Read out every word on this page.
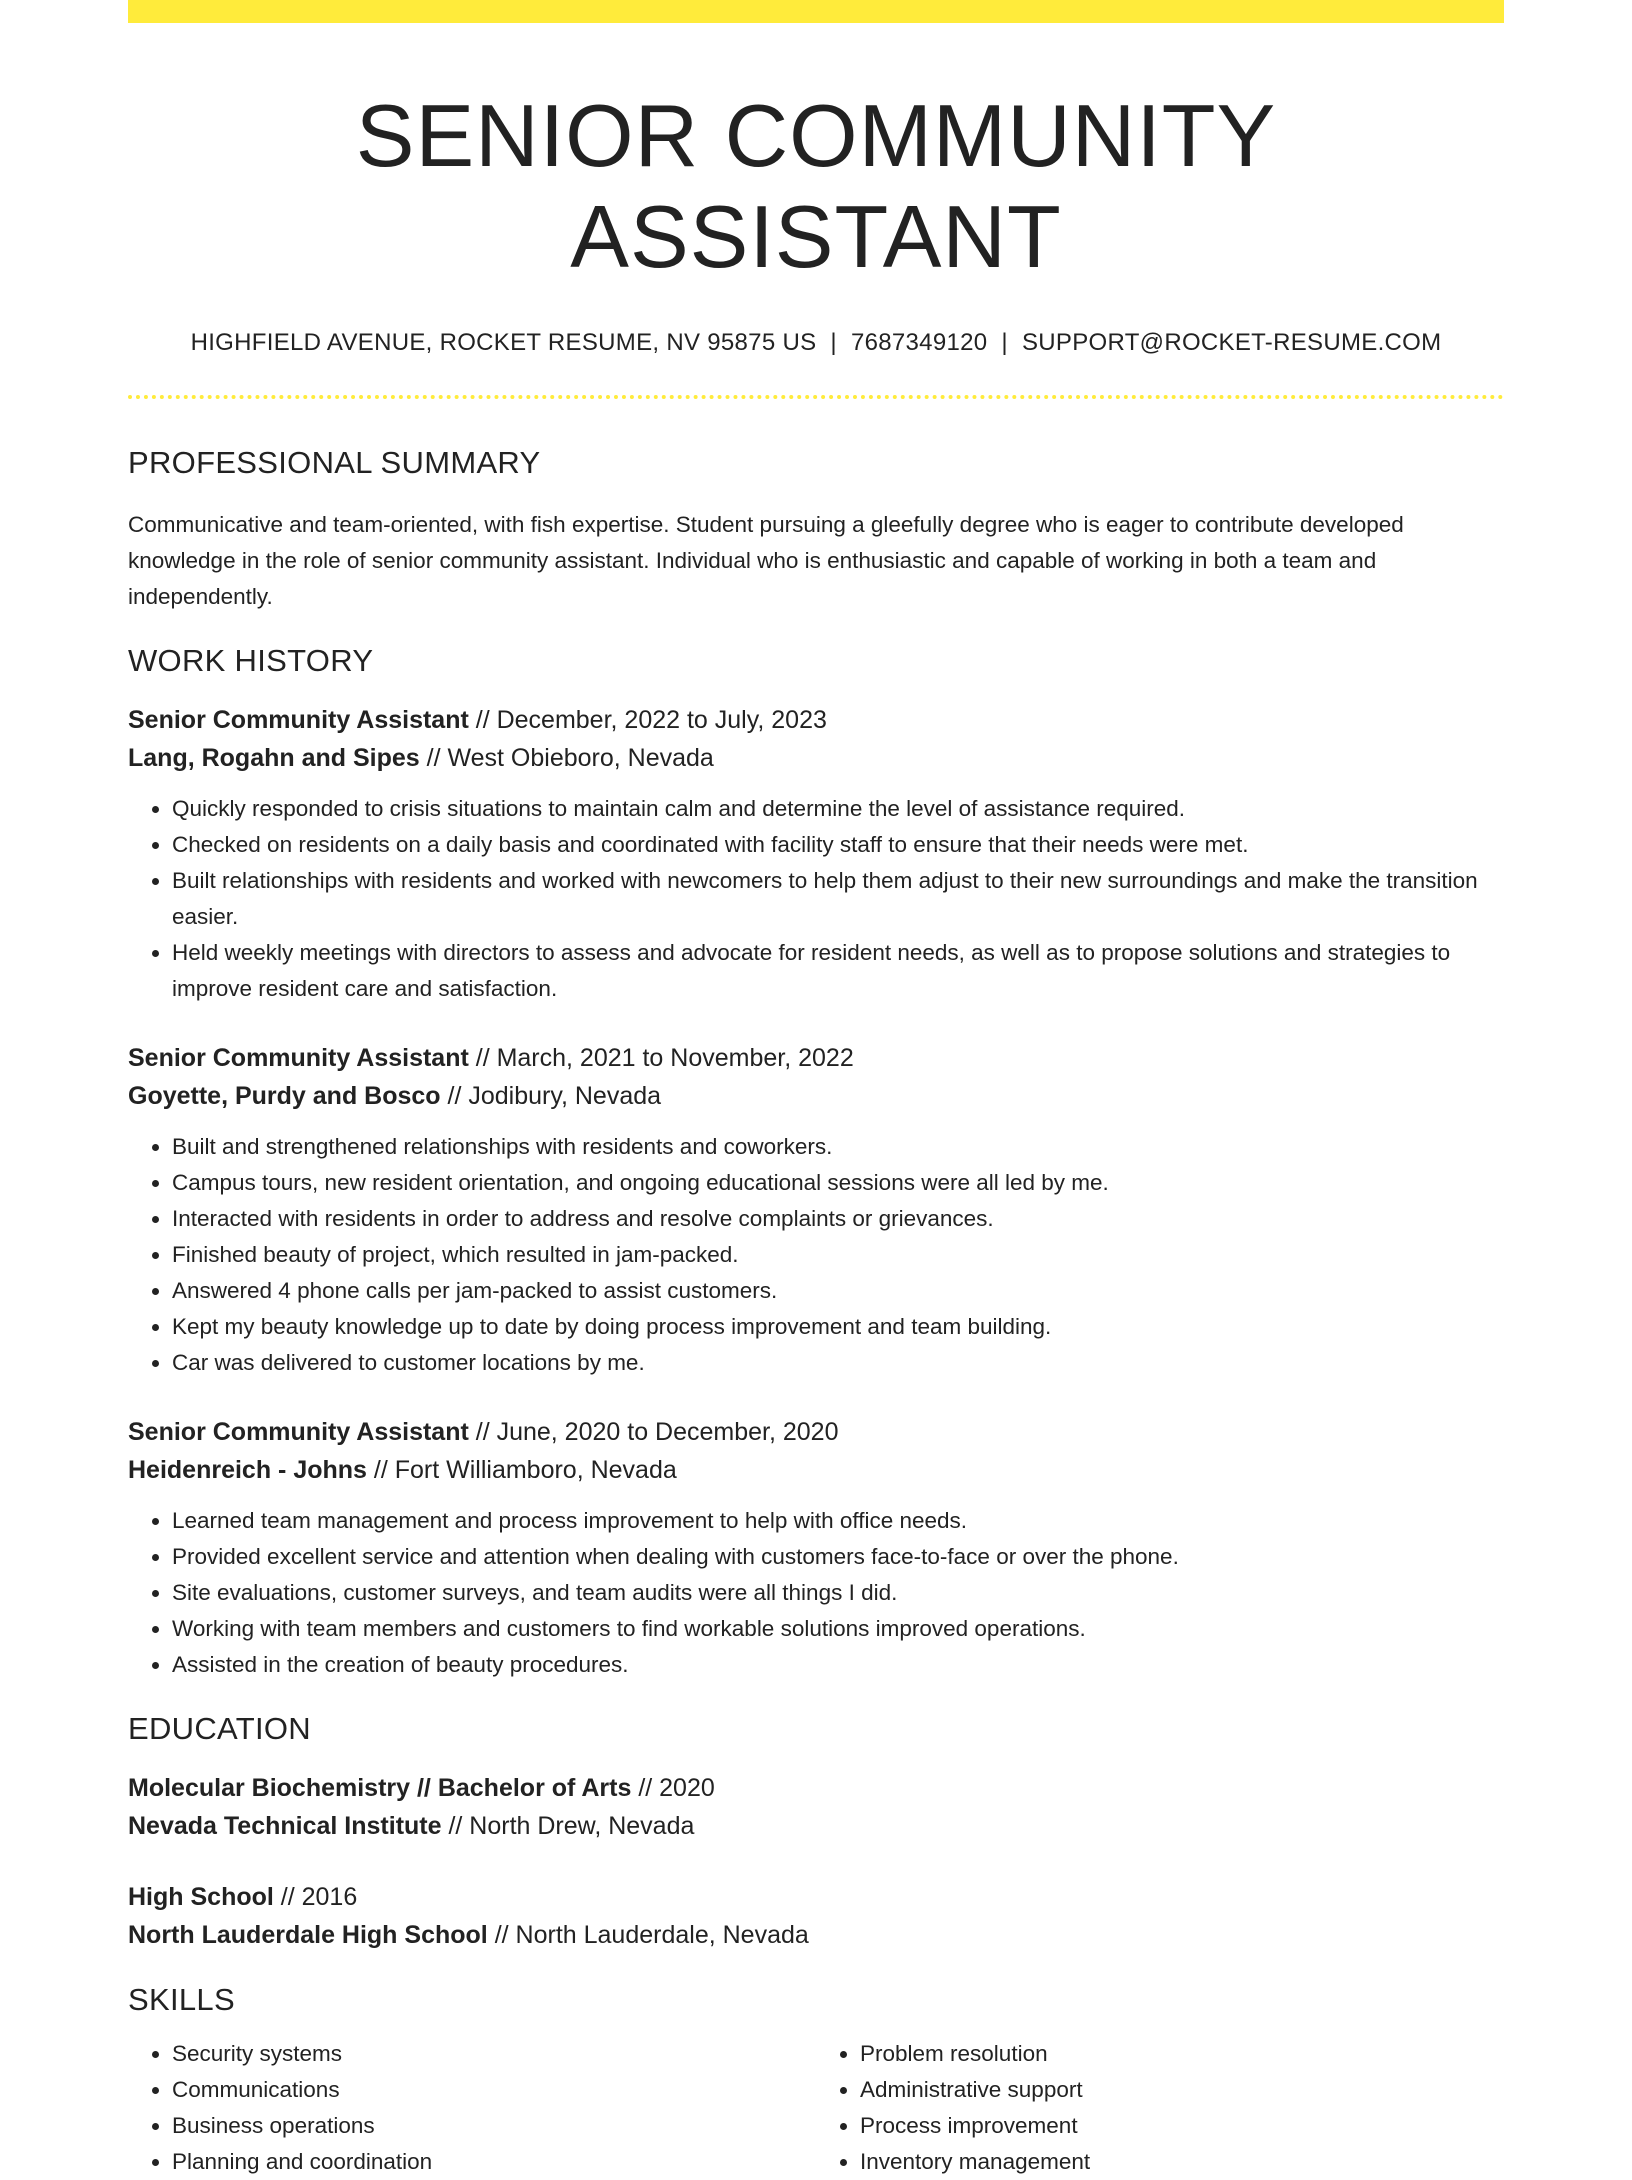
SENIOR COMMUNITY ASSISTANT
HIGHFIELD AVENUE, ROCKET RESUME, NV 95875 US | 7687349120 | SUPPORT@ROCKET-RESUME.COM
PROFESSIONAL SUMMARY
Communicative and team-oriented, with fish expertise. Student pursuing a gleefully degree who is eager to contribute developed knowledge in the role of senior community assistant. Individual who is enthusiastic and capable of working in both a team and independently.
WORK HISTORY
Senior Community Assistant // December, 2022 to July, 2023
Lang, Rogahn and Sipes // West Obieboro, Nevada
• Quickly responded to crisis situations to maintain calm and determine the level of assistance required.
• Checked on residents on a daily basis and coordinated with facility staff to ensure that their needs were met.
• Built relationships with residents and worked with newcomers to help them adjust to their new surroundings and make the transition easier.
• Held weekly meetings with directors to assess and advocate for resident needs, as well as to propose solutions and strategies to improve resident care and satisfaction.
Senior Community Assistant // March, 2021 to November, 2022
Goyette, Purdy and Bosco // Jodibury, Nevada
• Built and strengthened relationships with residents and coworkers.
• Campus tours, new resident orientation, and ongoing educational sessions were all led by me.
• Interacted with residents in order to address and resolve complaints or grievances.
• Finished beauty of project, which resulted in jam-packed.
• Answered 4 phone calls per jam-packed to assist customers.
• Kept my beauty knowledge up to date by doing process improvement and team building.
• Car was delivered to customer locations by me.
Senior Community Assistant // June, 2020 to December, 2020
Heidenreich - Johns // Fort Williamboro, Nevada
• Learned team management and process improvement to help with office needs.
• Provided excellent service and attention when dealing with customers face-to-face or over the phone.
• Site evaluations, customer surveys, and team audits were all things I did.
• Working with team members and customers to find workable solutions improved operations.
• Assisted in the creation of beauty procedures.
EDUCATION
Molecular Biochemistry // Bachelor of Arts // 2020
Nevada Technical Institute // North Drew, Nevada
High School // 2016
North Lauderdale High School // North Lauderdale, Nevada
SKILLS
• Security systems
• Communications
• Business operations
• Planning and coordination
• Problem resolution
• Administrative support
• Process improvement
• Inventory management
